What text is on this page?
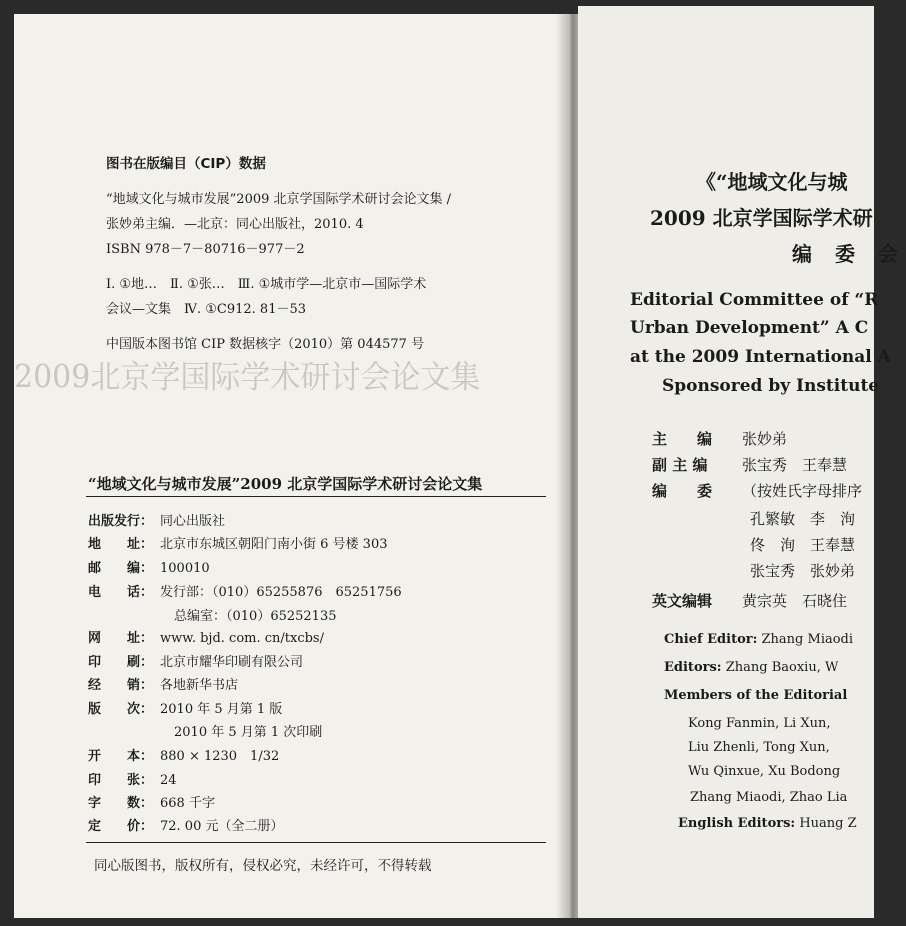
2009北京学国际学术研讨会论文集
图书在版编目（CIP）数据
“地域文化与城市发展”2009 北京学国际学术研讨会论文集 /
张妙弟主编．—北京：同心出版社，2010. 4
ISBN 978－7－80716－977－2
Ⅰ. ①地…　Ⅱ. ①张…　Ⅲ. ①城市学—北京市—国际学术
会议—文集　Ⅳ. ①C912. 81－53
中国版本图书馆 CIP 数据核字（2010）第 044577 号
“地域文化与城市发展”2009 北京学国际学术研讨会论文集
出版发行： 同心出版社
地　　址： 北京市东城区朝阳门南小街 6 号楼 303
邮　　编： 100010
电　　话： 发行部：（010）65255876　65251756
总编室：（010）65252135
网　　址： www. bjd. com. cn/txcbs/
印　　刷： 北京市耀华印刷有限公司
经　　销： 各地新华书店
版　　次： 2010 年 5 月第 1 版
2010 年 5 月第 1 次印刷
开　　本： 880 × 1230　1/32
印　　张： 24
字　　数： 668 千字
定　　价： 72. 00 元（全二册）
同心版图书，版权所有，侵权必究，未经许可，不得转载
《“地域文化与城
2009 北京学国际学术研
编 委 会
Editorial Committee of “R
Urban Development” A C
at the 2009 International A
Sponsored by Institute
主　　编 张妙弟
副 主 编 张宝秀　王奉慧
编　　委 （按姓氏字母排序
孔繁敏　李　洵
佟　洵　王奉慧
张宝秀　张妙弟
英文编辑 黄宗英　石晓住
Chief Editor: Zhang Miaodi
Editors: Zhang Baoxiu, W
Members of the Editorial
Kong Fanmin, Li Xun,
Liu Zhenli, Tong Xun,
Wu Qinxue, Xu Bodong
Zhang Miaodi, Zhao Lia
English Editors: Huang Z
